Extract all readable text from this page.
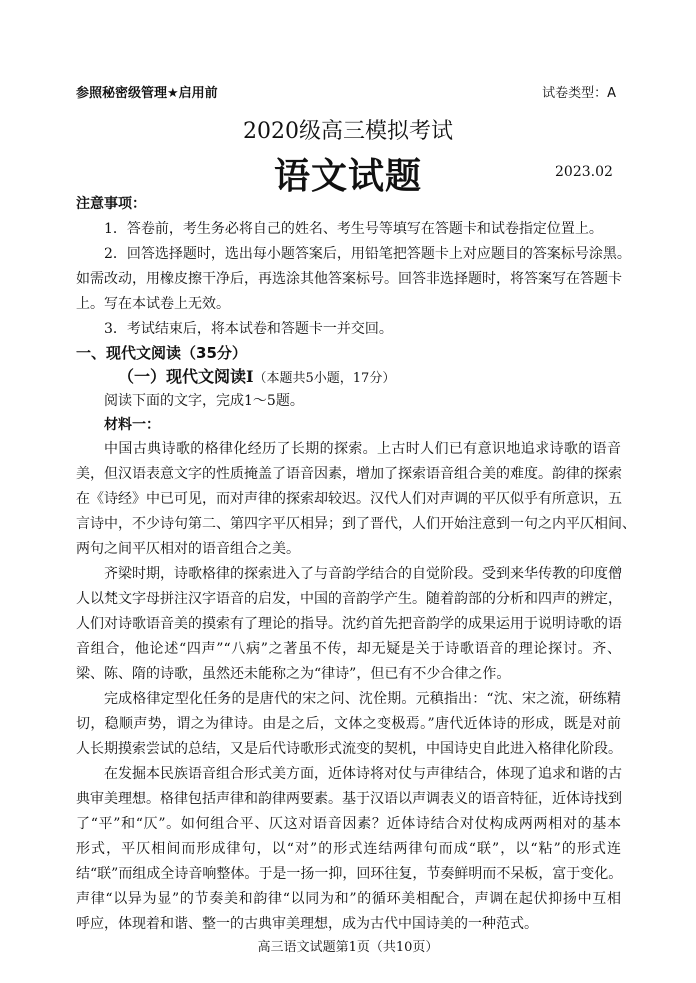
参照秘密级管理★启用前	试卷类型：A
2020级高三模拟考试
语文试题	2023.02
注意事项：
1．答卷前，考生务必将自己的姓名、考生号等填写在答题卡和试卷指定位置上。
2．回答选择题时，选出每小题答案后，用铅笔把答题卡上对应题目的答案标号涂黑。
如需改动，用橡皮擦干净后，再选涂其他答案标号。回答非选择题时，将答案写在答题卡
上。写在本试卷上无效。
3．考试结束后，将本试卷和答题卡一并交回。
一、现代文阅读（35分）
（一）现代文阅读Ⅰ（本题共5小题，17分）
阅读下面的文字，完成1～5题。
材料一：
中国古典诗歌的格律化经历了长期的探索。上古时人们已有意识地追求诗歌的语音
美，但汉语表意文字的性质掩盖了语音因素，增加了探索语音组合美的难度。韵律的探索
在《诗经》中已可见，而对声律的探索却较迟。汉代人们对声调的平仄似乎有所意识，五
言诗中，不少诗句第二、第四字平仄相异；到了晋代，人们开始注意到一句之内平仄相间、
两句之间平仄相对的语音组合之美。
齐梁时期，诗歌格律的探索进入了与音韵学结合的自觉阶段。受到来华传教的印度僧
人以梵文字母拼注汉字语音的启发，中国的音韵学产生。随着韵部的分析和四声的辨定，
人们对诗歌语音美的摸索有了理论的指导。沈约首先把音韵学的成果运用于说明诗歌的语
音组合，他论述“四声”“八病”之著虽不传，却无疑是关于诗歌语音的理论探讨。齐、
梁、陈、隋的诗歌，虽然还未能称之为“律诗”，但已有不少合律之作。
完成格律定型化任务的是唐代的宋之问、沈佺期。元稹指出：“沈、宋之流，研练精
切，稳顺声势，谓之为律诗。由是之后，文体之变极焉。”唐代近体诗的形成，既是对前
人长期摸索尝试的总结，又是后代诗歌形式流变的契机，中国诗史自此进入格律化阶段。
在发掘本民族语音组合形式美方面，近体诗将对仗与声律结合，体现了追求和谐的古
典审美理想。格律包括声律和韵律两要素。基于汉语以声调表义的语音特征，近体诗找到
了“平”和“仄”。如何组合平、仄这对语音因素？近体诗结合对仗构成两两相对的基本
形式，平仄相间而形成律句，以“对”的形式连结两律句而成“联”，以“粘”的形式连
结“联”而组成全诗音响整体。于是一扬一抑，回环往复，节奏鲜明而不呆板，富于变化。
声律“以异为显”的节奏美和韵律“以同为和”的循环美相配合，声调在起伏抑扬中互相
呼应，体现着和谐、整一的古典审美理想，成为古代中国诗美的一种范式。
高三语文试题第1页（共10页）
